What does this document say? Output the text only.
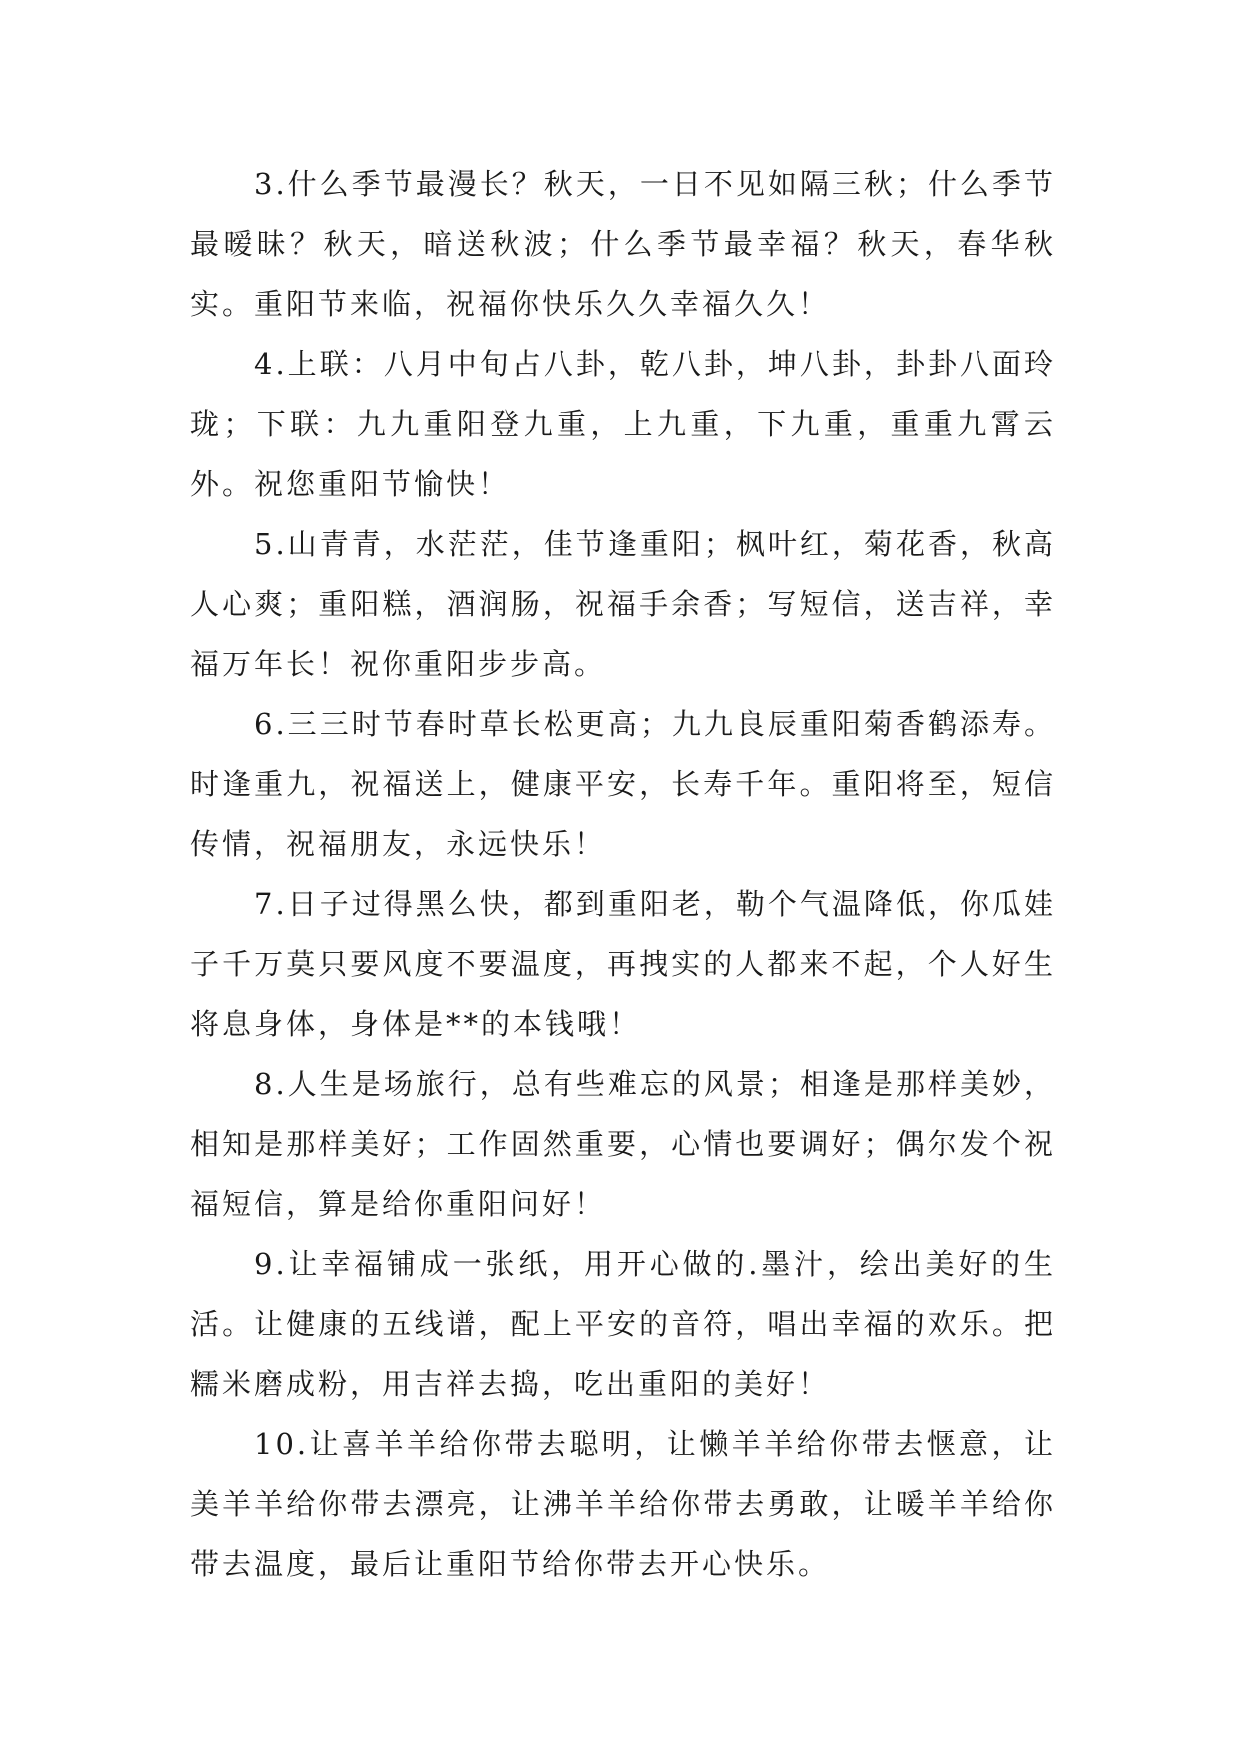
3.什么季节最漫长？秋天，一日不见如隔三秋；什么季节最暧昧？秋天，暗送秋波；什么季节最幸福？秋天，春华秋实。重阳节来临，祝福你快乐久久幸福久久！

4.上联：八月中旬占八卦，乾八卦，坤八卦，卦卦八面玲珑；下联：九九重阳登九重，上九重，下九重，重重九霄云外。祝您重阳节愉快！

5.山青青，水茫茫，佳节逢重阳；枫叶红，菊花香，秋高人心爽；重阳糕，酒润肠，祝福手余香；写短信，送吉祥，幸福万年长！祝你重阳步步高。

6.三三时节春时草长松更高；九九良辰重阳菊香鹤添寿。时逢重九，祝福送上，健康平安，长寿千年。重阳将至，短信传情，祝福朋友，永远快乐！

7.日子过得黑么快，都到重阳老，勒个气温降低，你瓜娃子千万莫只要风度不要温度，再拽实的人都来不起，个人好生将息身体，身体是**的本钱哦！

8.人生是场旅行，总有些难忘的风景；相逢是那样美妙，相知是那样美好；工作固然重要，心情也要调好；偶尔发个祝福短信，算是给你重阳问好！

9.让幸福铺成一张纸，用开心做的.墨汁，绘出美好的生活。让健康的五线谱，配上平安的音符，唱出幸福的欢乐。把糯米磨成粉，用吉祥去捣，吃出重阳的美好！

10.让喜羊羊给你带去聪明，让懒羊羊给你带去惬意，让美羊羊给你带去漂亮，让沸羊羊给你带去勇敢，让暖羊羊给你带去温度，最后让重阳节给你带去开心快乐。
